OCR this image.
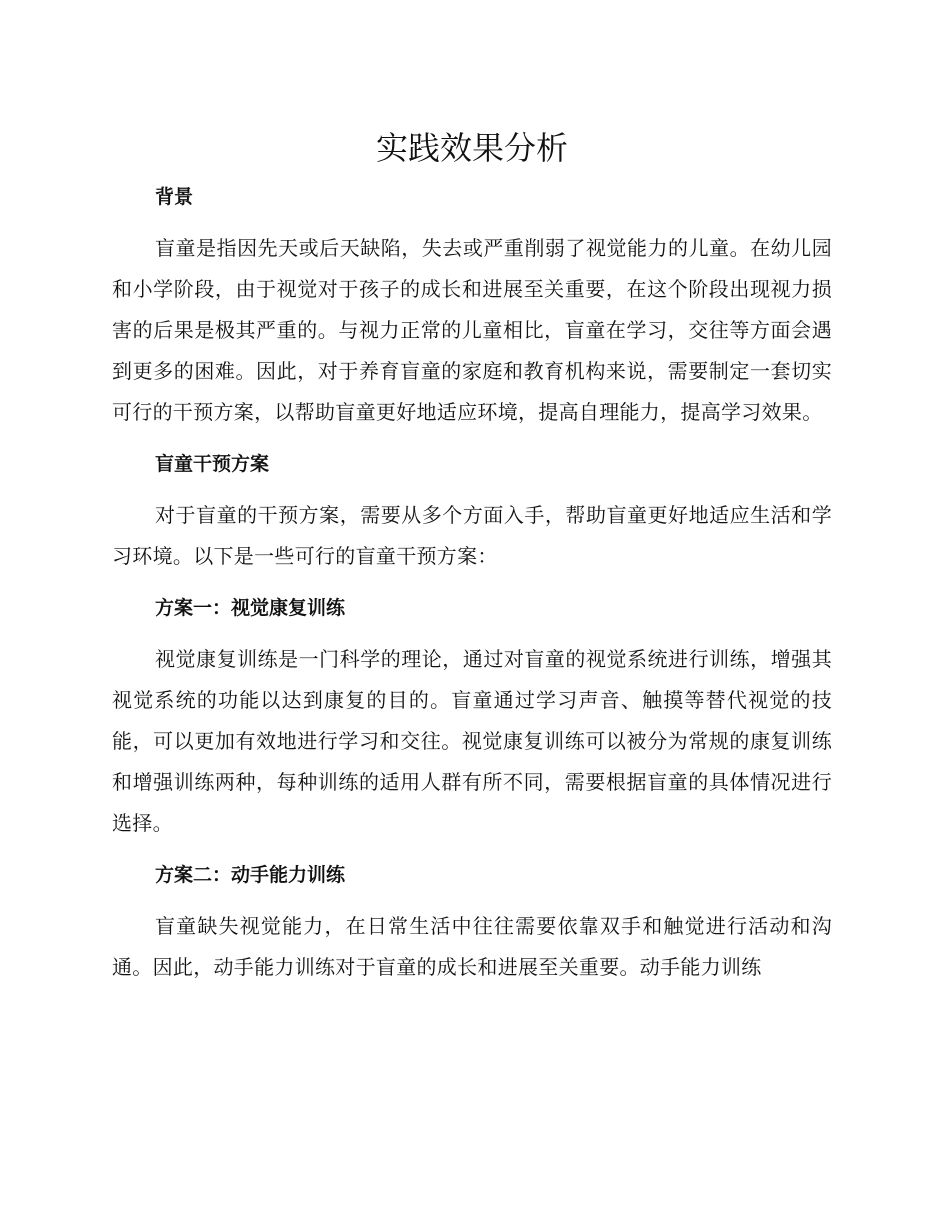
实践效果分析
背景

盲童是指因先天或后天缺陷，失去或严重削弱了视觉能力的儿童。在幼儿园和小学阶段，由于视觉对于孩子的成长和进展至关重要，在这个阶段出现视力损害的后果是极其严重的。与视力正常的儿童相比，盲童在学习，交往等方面会遇到更多的困难。因此，对于养育盲童的家庭和教育机构来说，需要制定一套切实可行的干预方案，以帮助盲童更好地适应环境，提高自理能力，提高学习效果。

盲童干预方案

对于盲童的干预方案，需要从多个方面入手，帮助盲童更好地适应生活和学习环境。以下是一些可行的盲童干预方案：

方案一：视觉康复训练

视觉康复训练是一门科学的理论，通过对盲童的视觉系统进行训练，增强其视觉系统的功能以达到康复的目的。盲童通过学习声音、触摸等替代视觉的技能，可以更加有效地进行学习和交往。视觉康复训练可以被分为常规的康复训练和增强训练两种，每种训练的适用人群有所不同，需要根据盲童的具体情况进行选择。

方案二：动手能力训练

盲童缺失视觉能力，在日常生活中往往需要依靠双手和触觉进行活动和沟通。因此，动手能力训练对于盲童的成长和进展至关重要。动手能力训练
